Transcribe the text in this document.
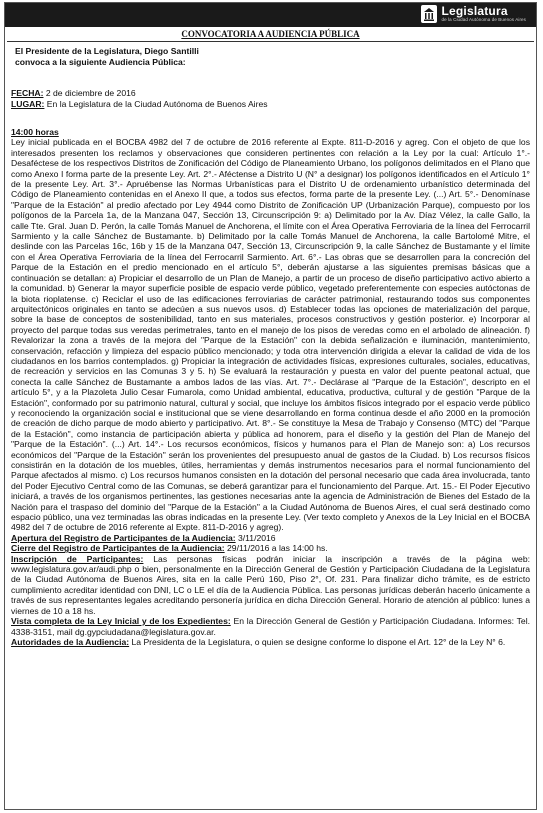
Legislatura
de la Ciudad Autónoma de Buenos Aires
CONVOCATORIA A AUDIENCIA PÚBLICA
El Presidente de la Legislatura, Diego Santilli
convoca a la siguiente Audiencia Pública:
FECHA: 2 de diciembre de 2016
LUGAR: En la Legislatura de la Ciudad Autónoma de Buenos Aires
14:00 horas

Ley inicial publicada en el BOCBA 4982 del 7 de octubre de 2016 referente al Expte. 811-D-2016 y agreg. Con el objeto de que los interesados presenten los reclamos y observaciones que consideren pertinentes con relación a la Ley por la cual: Artículo 1°.- Desaféctese de los respectivos Distritos de Zonificación del Código de Planeamiento Urbano, los polígonos delimitados en el Plano que como Anexo I forma parte de la presente Ley. Art. 2°.- Aféctense a Distrito U (N° a designar) los polígonos identificados en el Artículo 1° de la presente Ley. Art. 3°.- Apruébense las Normas Urbanísticas para el Distrito U de ordenamiento urbanístico determinada del Código de Planeamiento contenidas en el Anexo II que, a todos sus efectos, forma parte de la presente Ley. (...) Art. 5°.- Denomínase "Parque de la Estación" al predio afectado por Ley 4944 como Distrito de Zonificación UP (Urbanización Parque), compuesto por los polígonos de la Parcela 1a, de la Manzana 047, Sección 13, Circunscripción 9: a) Delimitado por la Av. Díaz Vélez, la calle Gallo, la calle Tte. Gral. Juan D. Perón, la calle Tomás Manuel de Anchorena, el límite con el Área Operativa Ferroviaria de la línea del Ferrocarril Sarmiento y la calle Sánchez de Bustamante. b) Delimitado por la calle Tomás Manuel de Anchorena, la calle Bartolomé Mitre, el deslinde con las Parcelas 16c, 16b y 15 de la Manzana 047, Sección 13, Circunscripción 9, la calle Sánchez de Bustamante y el límite con el Área Operativa Ferroviaria de la línea del Ferrocarril Sarmiento. Art. 6°.- Las obras que se desarrollen para la concreción del Parque de la Estación en el predio mencionado en el artículo 5°, deberán ajustarse a las siguientes premisas básicas que a continuación se detallan: a) Propiciar el desarrollo de un Plan de Manejo, a partir de un proceso de diseño participativo activo abierto a la comunidad. b) Generar la mayor superficie posible de espacio verde público, vegetado preferentemente con especies autóctonas de la biota rioplatense. c) Reciclar el uso de las edificaciones ferroviarias de carácter patrimonial, restaurando todos sus componentes arquitectónicos originales en tanto se adecúen a sus nuevos usos. d) Establecer todas las opciones de materialización del parque, sobre la base de conceptos de sostenibilidad, tanto en sus materiales, procesos constructivos y gestión posterior. e) Incorporar al proyecto del parque todas sus veredas perimetrales, tanto en el manejo de los pisos de veredas como en el arbolado de alineación. f) Revalorizar la zona a través de la mejora del "Parque de la Estación" con la debida señalización e iluminación, mantenimiento, conservación, refacción y limpieza del espacio público mencionado; y toda otra intervención dirigida a elevar la calidad de vida de los ciudadanos en los barrios contemplados. g) Propiciar la integración de actividades físicas, expresiones culturales, sociales, educativas, de recreación y servicios en las Comunas 3 y 5. h) Se evaluará la restauración y puesta en valor del puente peatonal actual, que conecta la calle Sánchez de Bustamante a ambos lados de las vías. Art. 7°.- Declárase al "Parque de la Estación", descripto en el artículo 5°, y a la Plazoleta Julio Cesar Fumarola, como Unidad ambiental, educativa, productiva, cultural y de gestión "Parque de la Estación", conformado por su patrimonio natural, cultural y social, que incluye los ámbitos físicos integrado por el espacio verde público y reconociendo la organización social e institucional que se viene desarrollando en forma continua desde el año 2000 en la promoción de creación de dicho parque de modo abierto y participativo. Art. 8°.- Se constituye la Mesa de Trabajo y Consenso (MTC) del "Parque de la Estación", como instancia de participación abierta y pública ad honorem, para el diseño y la gestión del Plan de Manejo del "Parque de la Estación". (...) Art. 14°.- Los recursos económicos, físicos y humanos para el Plan de Manejo son: a) Los recursos económicos del "Parque de la Estación" serán los provenientes del presupuesto anual de gastos de la Ciudad. b) Los recursos físicos consistirán en la dotación de los muebles, útiles, herramientas y demás instrumentos necesarios para el normal funcionamiento del Parque afectados al mismo. c) Los recursos humanos consisten en la dotación del personal necesario que cada área involucrada, tanto del Poder Ejecutivo Central como de las Comunas, se deberá garantizar para el funcionamiento del Parque. Art. 15.- El Poder Ejecutivo iniciará, a través de los organismos pertinentes, las gestiones necesarias ante la agencia de Administración de Bienes del Estado de la Nación para el traspaso del dominio del "Parque de la Estación" a la Ciudad Autónoma de Buenos Aires, el cual será destinado como espacio público, una vez terminadas las obras indicadas en la presente Ley. (Ver texto completo y Anexos de la Ley Inicial en el BOCBA 4982 del 7 de octubre de 2016 referente al Expte. 811-D-2016 y agreg).

Apertura del Registro de Participantes de la Audiencia: 3/11/2016

Cierre del Registro de Participantes de la Audiencia: 29/11/2016 a las 14:00 hs.

Inscripción de Participantes: Las personas físicas podrán iniciar la inscripción a través de la página web: www.legislatura.gov.ar/audi.php o bien, personalmente en la Dirección General de Gestión y Participación Ciudadana de la Legislatura de la Ciudad Autónoma de Buenos Aires, sita en la calle Perú 160, Piso 2°, Of. 231. Para finalizar dicho trámite, es de estricto cumplimiento acreditar identidad con DNI, LC o LE el día de la Audiencia Pública. Las personas jurídicas deberán hacerlo únicamente a través de sus representantes legales acreditando personería jurídica en dicha Dirección General. Horario de atención al público: lunes a viernes de 10 a 18 hs.

Vista completa de la Ley Inicial y de los Expedientes: En la Dirección General de Gestión y Participación Ciudadana. Informes: Tel. 4338-3151, mail dg.gypciudadana@legislatura.gov.ar.

Autoridades de la Audiencia: La Presidenta de la Legislatura, o quien se designe conforme lo dispone el Art. 12° de la Ley N° 6.
